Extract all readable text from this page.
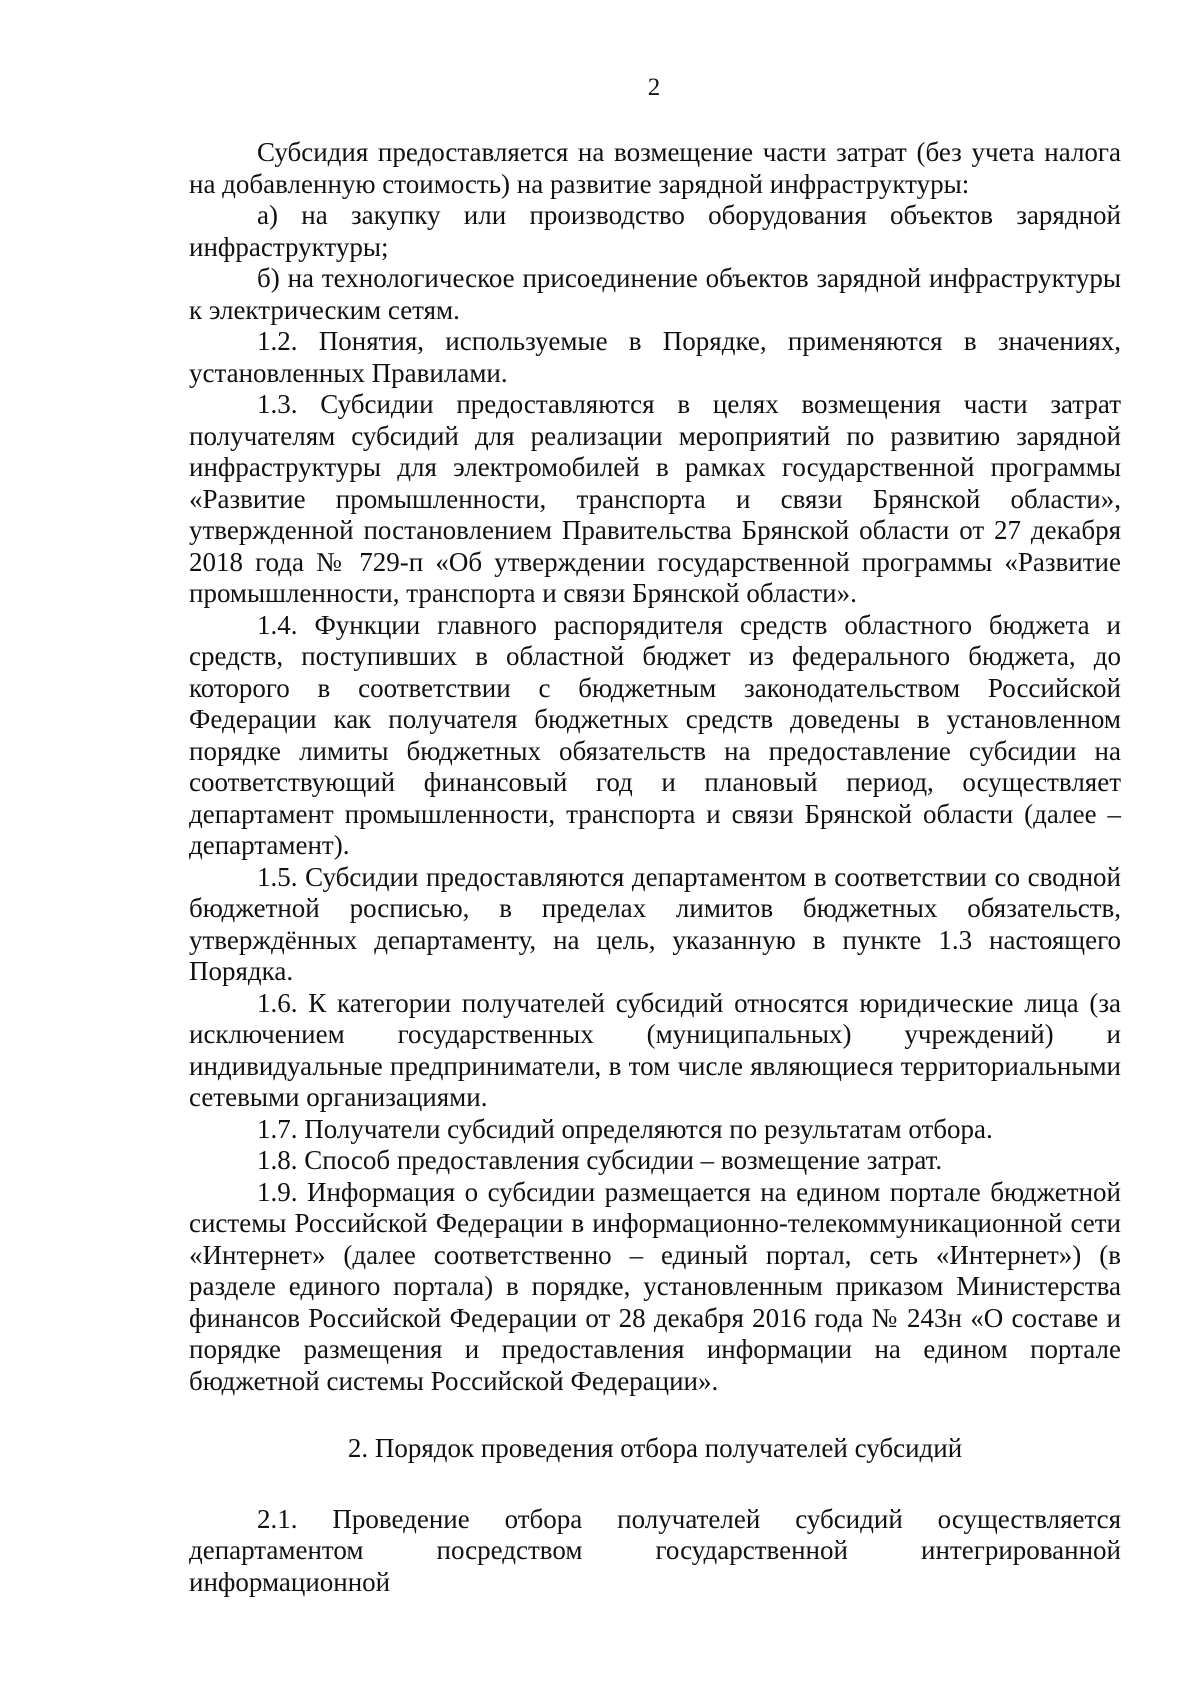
2

Субсидия предоставляется на возмещение части затрат (без учета налога на добавленную стоимость) на развитие зарядной инфраструктуры:

а) на закупку или производство оборудования объектов зарядной инфраструктуры;

б) на технологическое присоединение объектов зарядной инфраструктуры к электрическим сетям.

1.2. Понятия, используемые в Порядке, применяются в значениях, установленных Правилами.

1.3. Субсидии предоставляются в целях возмещения части затрат получателям субсидий для реализации мероприятий по развитию зарядной инфраструктуры для электромобилей в рамках государственной программы «Развитие промышленности, транспорта и связи Брянской области», утвержденной постановлением Правительства Брянской области от 27 декабря 2018 года № 729-п «Об утверждении государственной программы «Развитие промышленности, транспорта и связи Брянской области».

1.4. Функции главного распорядителя средств областного бюджета и средств, поступивших в областной бюджет из федерального бюджета, до которого в соответствии с бюджетным законодательством Российской Федерации как получателя бюджетных средств доведены в установленном порядке лимиты бюджетных обязательств на предоставление субсидии на соответствующий финансовый год и плановый период, осуществляет департамент промышленности, транспорта и связи Брянской области (далее – департамент).

1.5. Субсидии предоставляются департаментом в соответствии со сводной бюджетной росписью, в пределах лимитов бюджетных обязательств, утверждённых департаменту, на цель, указанную в пункте 1.3 настоящего Порядка.

1.6. К категории получателей субсидий относятся юридические лица (за исключением государственных (муниципальных) учреждений) и индивидуальные предприниматели, в том числе являющиеся территориальными сетевыми организациями.

1.7. Получатели субсидий определяются по результатам отбора.

1.8. Способ предоставления субсидии – возмещение затрат.

1.9. Информация о субсидии размещается на едином портале бюджетной системы Российской Федерации в информационно-телекоммуникационной сети «Интернет» (далее соответственно – единый портал, сеть «Интернет») (в разделе единого портала) в порядке, установленным приказом Министерства финансов Российской Федерации от 28 декабря 2016 года № 243н «О составе и порядке размещения и предоставления информации на едином портале бюджетной системы Российской Федерации».

2. Порядок проведения отбора получателей субсидий

2.1. Проведение отбора получателей субсидий осуществляется департаментом посредством государственной интегрированной информационной
